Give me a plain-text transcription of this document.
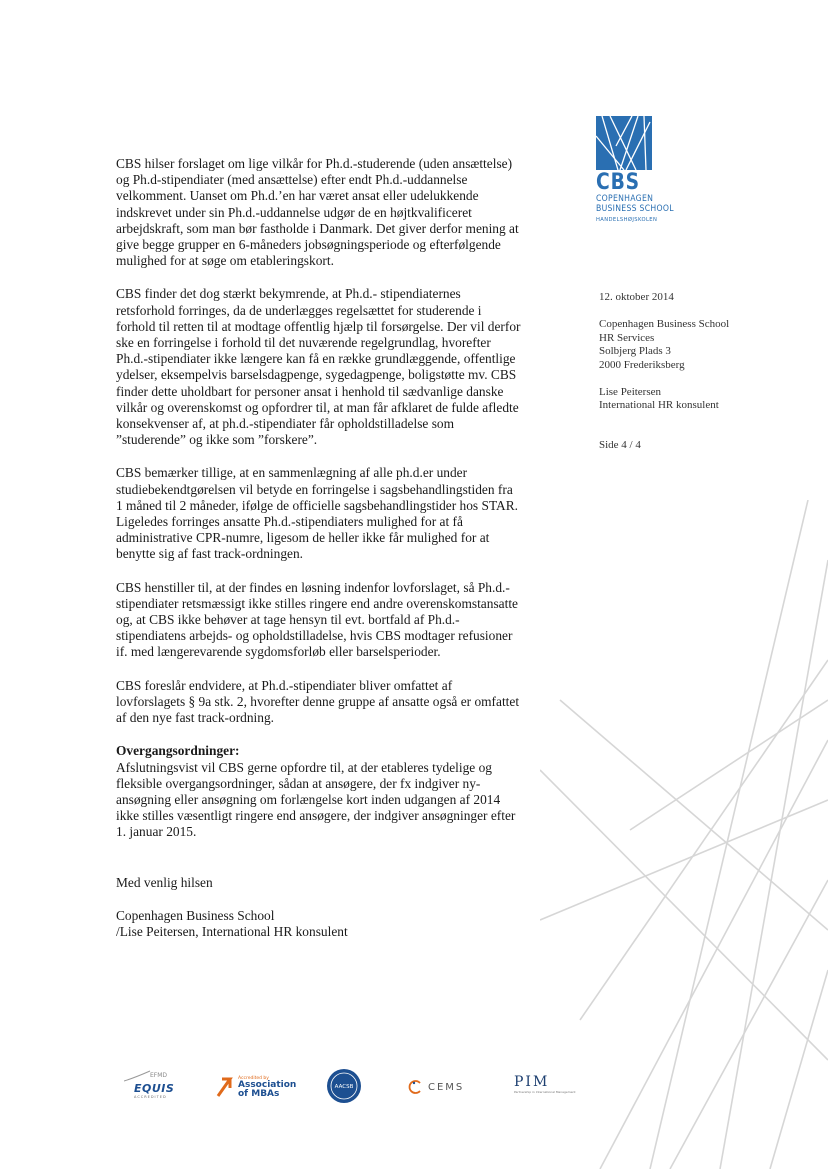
CBS
COPENHAGEN
BUSINESS SCHOOL
HANDELSHØJSKOLEN
12. oktober 2014
Copenhagen Business School
HR Services
Solbjerg Plads 3
2000 Frederiksberg
Lise Peitersen
International HR konsulent
Side 4 / 4
CBS hilser forslaget om lige vilkår for Ph.d.-studerende (uden ansættelse)
og Ph.d-stipendiater (med ansættelse) efter endt Ph.d.-uddannelse
velkomment. Uanset om Ph.d.’en har været ansat eller udelukkende
indskrevet under sin Ph.d.-uddannelse udgør de en højtkvalificeret
arbejdskraft, som man bør fastholde i Danmark. Det giver derfor mening at
give begge grupper en 6-måneders jobsøgningsperiode og efterfølgende
mulighed for at søge om etableringskort.
CBS finder det dog stærkt bekymrende, at Ph.d.- stipendiaternes
retsforhold forringes, da de underlægges regelsættet for studerende i
forhold til retten til at modtage offentlig hjælp til forsørgelse. Der vil derfor
ske en forringelse i forhold til det nuværende regelgrundlag, hvorefter
Ph.d.-stipendiater ikke længere kan få en række grundlæggende, offentlige
ydelser, eksempelvis barselsdagpenge, sygedagpenge, boligstøtte mv. CBS
finder dette uholdbart for personer ansat i henhold til sædvanlige danske
vilkår og overenskomst og opfordrer til, at man får afklaret de fulde afledte
konsekvenser af, at ph.d.-stipendiater får opholdstilladelse som
”studerende” og ikke som ”forskere”.
CBS bemærker tillige, at en sammenlægning af alle ph.d.er under
studiebekendtgørelsen vil betyde en forringelse i sagsbehandlingstiden fra
1 måned til 2 måneder, ifølge de officielle sagsbehandlingstider hos STAR.
Ligeledes forringes ansatte Ph.d.-stipendiaters mulighed for at få
administrative CPR-numre, ligesom de heller ikke får mulighed for at
benytte sig af fast track-ordningen.
CBS henstiller til, at der findes en løsning indenfor lovforslaget, så Ph.d.-
stipendiater retsmæssigt ikke stilles ringere end andre overenskomstansatte
og, at CBS ikke behøver at tage hensyn til evt. bortfald af Ph.d.-
stipendiatens arbejds- og opholdstilladelse, hvis CBS modtager refusioner
if. med længerevarende sygdomsforløb eller barselsperioder.
CBS foreslår endvidere, at Ph.d.-stipendiater bliver omfattet af
lovforslagets § 9a stk. 2, hvorefter denne gruppe af ansatte også er omfattet
af den nye fast track-ordning.
Overgangsordninger:
Afslutningsvist vil CBS gerne opfordre til, at der etableres tydelige og
fleksible overgangsordninger, sådan at ansøgere, der fx indgiver ny-
ansøgning eller ansøgning om forlængelse kort inden udgangen af 2014
ikke stilles væsentligt ringere end ansøgere, der indgiver ansøgninger efter
1. januar 2015.
Med venlig hilsen
Copenhagen Business School
/Lise Peitersen, International HR konsulent
EFMD
EQUIS
ACCREDITED
Accredited by
Association
of MBAs
AACSB	CEMS	PIM
Partnership in International Management
